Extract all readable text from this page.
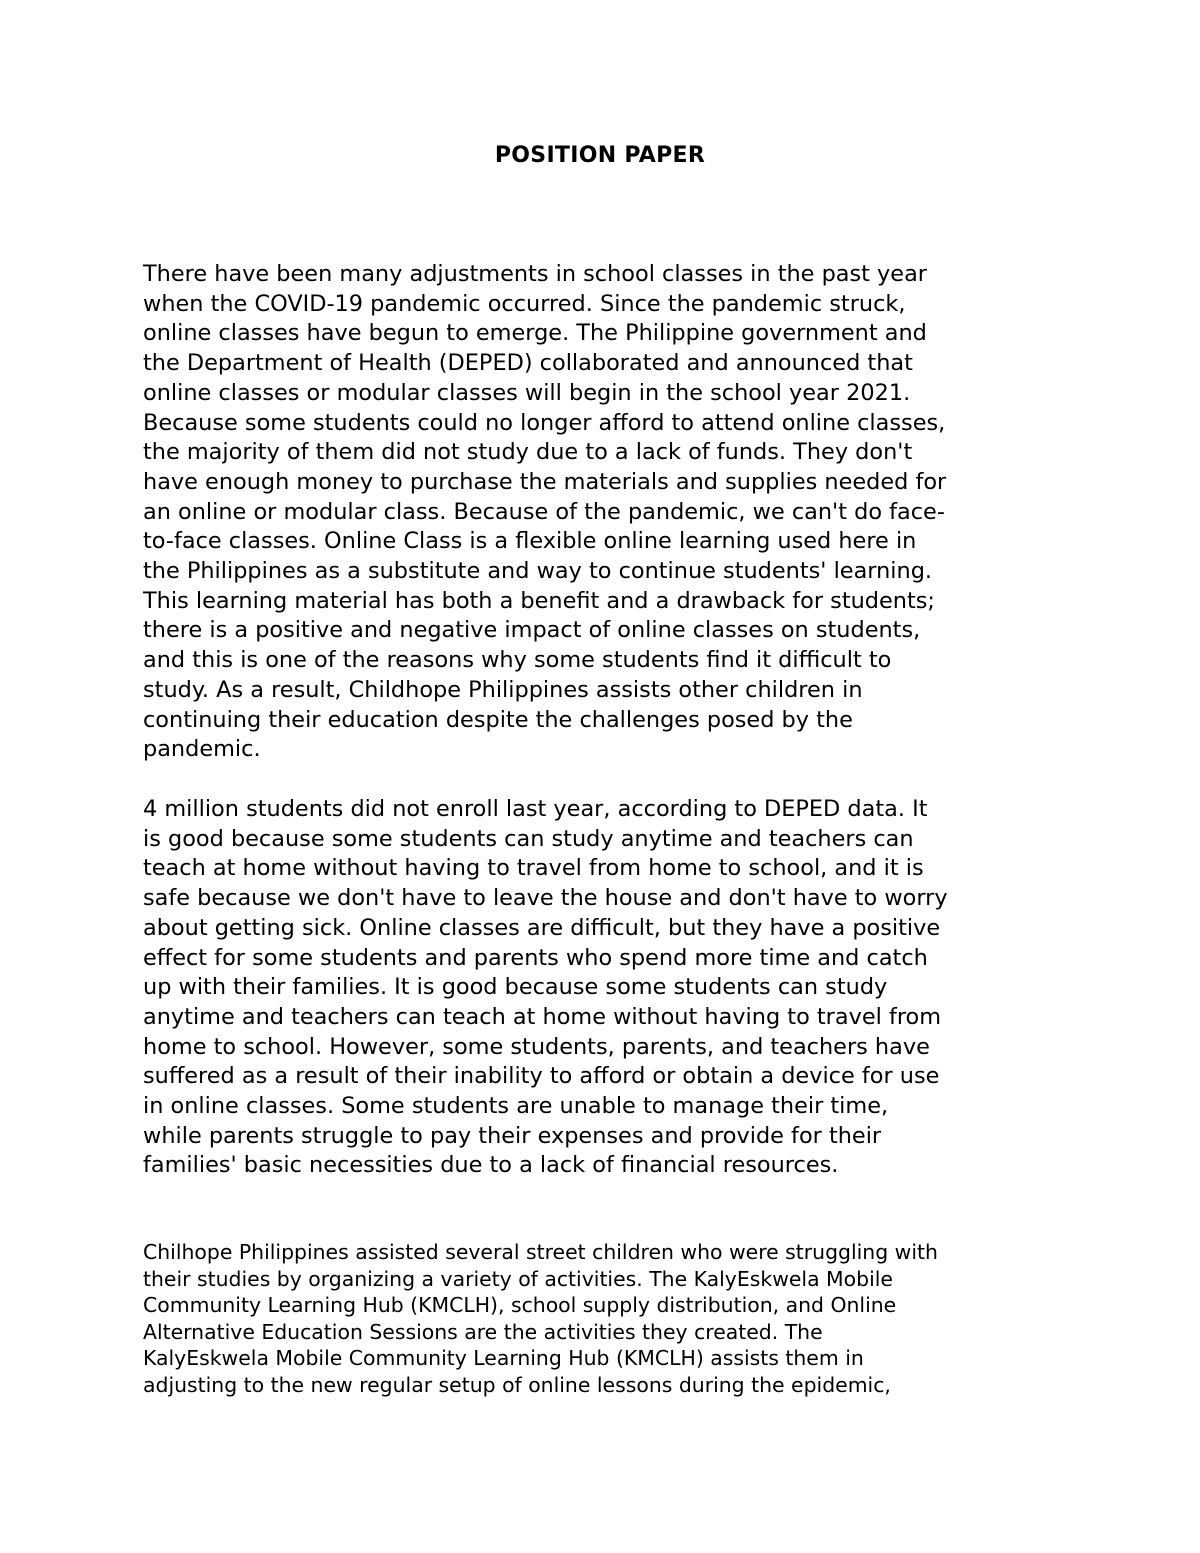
POSITION PAPER

There have been many adjustments in school classes in the past year
when the COVID-19 pandemic occurred. Since the pandemic struck,
online classes have begun to emerge. The Philippine government and
the Department of Health (DEPED) collaborated and announced that
online classes or modular classes will begin in the school year 2021.
Because some students could no longer afford to attend online classes,
the majority of them did not study due to a lack of funds. They don't
have enough money to purchase the materials and supplies needed for
an online or modular class. Because of the pandemic, we can't do face-
to-face classes. Online Class is a flexible online learning used here in
the Philippines as a substitute and way to continue students' learning.
This learning material has both a benefit and a drawback for students;
there is a positive and negative impact of online classes on students,
and this is one of the reasons why some students find it difficult to
study. As a result, Childhope Philippines assists other children in
continuing their education despite the challenges posed by the
pandemic.

4 million students did not enroll last year, according to DEPED data. It
is good because some students can study anytime and teachers can
teach at home without having to travel from home to school, and it is
safe because we don't have to leave the house and don't have to worry
about getting sick. Online classes are difficult, but they have a positive
effect for some students and parents who spend more time and catch
up with their families. It is good because some students can study
anytime and teachers can teach at home without having to travel from
home to school. However, some students, parents, and teachers have
suffered as a result of their inability to afford or obtain a device for use
in online classes. Some students are unable to manage their time,
while parents struggle to pay their expenses and provide for their
families' basic necessities due to a lack of financial resources.

Chilhope Philippines assisted several street children who were struggling with
their studies by organizing a variety of activities. The KalyEskwela Mobile
Community Learning Hub (KMCLH), school supply distribution, and Online
Alternative Education Sessions are the activities they created. The
KalyEskwela Mobile Community Learning Hub (KMCLH) assists them in
adjusting to the new regular setup of online lessons during the epidemic,
